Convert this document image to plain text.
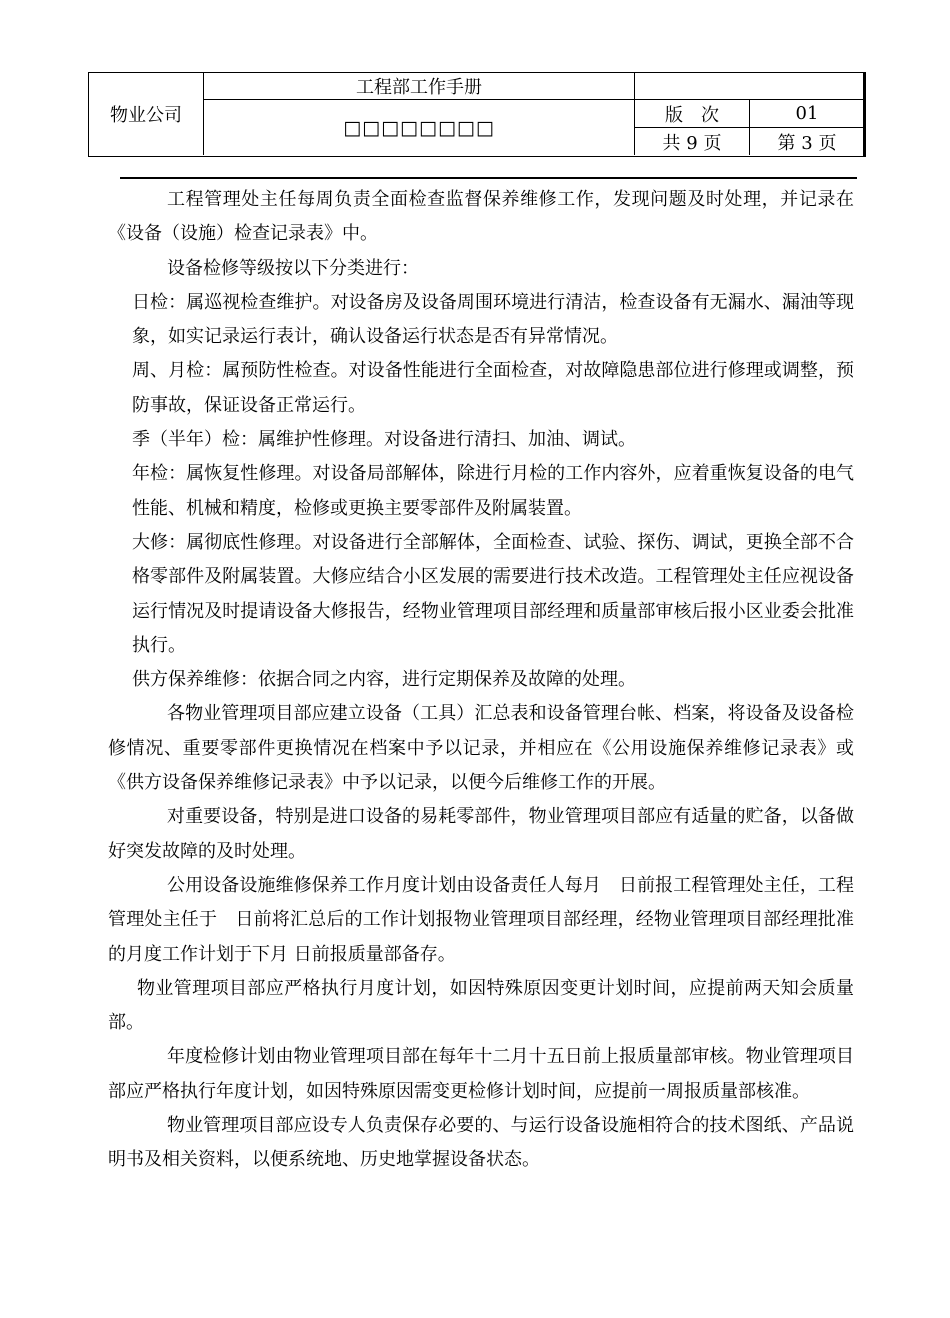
物业公司
工程部工作手册
□□□□□□□□
版　次	01
共 9 页	第 3 页

工程管理处主任每周负责全面检查监督保养维修工作，发现问题及时处理，并记录在《设备（设施）检查记录表》中。

设备检修等级按以下分类进行：

日检：属巡视检查维护。对设备房及设备周围环境进行清洁，检查设备有无漏水、漏油等现象，如实记录运行表计，确认设备运行状态是否有异常情况。

周、月检：属预防性检查。对设备性能进行全面检查，对故障隐患部位进行修理或调整，预防事故，保证设备正常运行。

季（半年）检：属维护性修理。对设备进行清扫、加油、调试。

年检：属恢复性修理。对设备局部解体，除进行月检的工作内容外，应着重恢复设备的电气性能、机械和精度，检修或更换主要零部件及附属装置。

大修：属彻底性修理。对设备进行全部解体，全面检查、试验、探伤、调试，更换全部不合格零部件及附属装置。大修应结合小区发展的需要进行技术改造。工程管理处主任应视设备运行情况及时提请设备大修报告，经物业管理项目部经理和质量部审核后报小区业委会批准执行。

供方保养维修：依据合同之内容，进行定期保养及故障的处理。

各物业管理项目部应建立设备（工具）汇总表和设备管理台帐、档案，将设备及设备检修情况、重要零部件更换情况在档案中予以记录，并相应在《公用设施保养维修记录表》或《供方设备保养维修记录表》中予以记录，以便今后维修工作的开展。

对重要设备，特别是进口设备的易耗零部件，物业管理项目部应有适量的贮备，以备做好突发故障的及时处理。

公用设备设施维修保养工作月度计划由设备责任人每月　日前报工程管理处主任，工程管理处主任于　日前将汇总后的工作计划报物业管理项目部经理，经物业管理项目部经理批准的月度工作计划于下月 日前报质量部备存。

物业管理项目部应严格执行月度计划，如因特殊原因变更计划时间，应提前两天知会质量部。

年度检修计划由物业管理项目部在每年十二月十五日前上报质量部审核。物业管理项目部应严格执行年度计划，如因特殊原因需变更检修计划时间，应提前一周报质量部核准。

物业管理项目部应设专人负责保存必要的、与运行设备设施相符合的技术图纸、产品说明书及相关资料，以便系统地、历史地掌握设备状态。
